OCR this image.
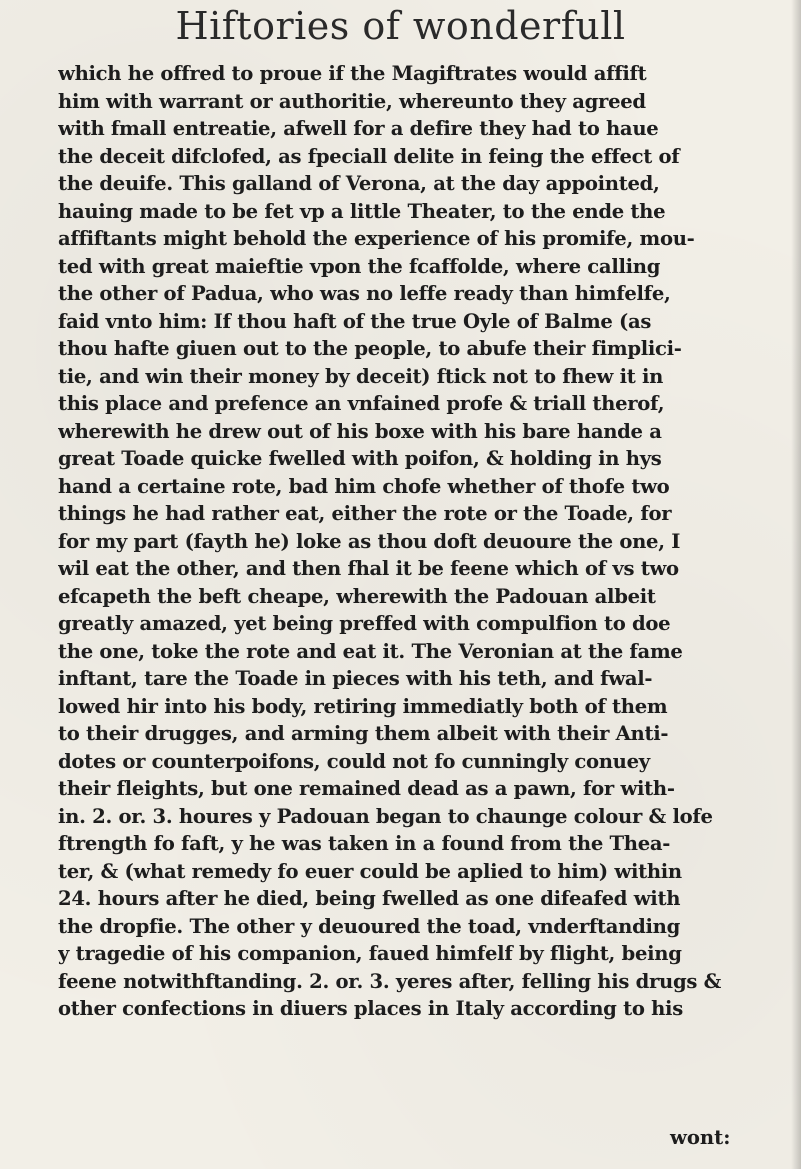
Hiftories of wonderfull
which he offred to proue if the Magiftrates would affift
him with warrant or authoritie, whereunto they agreed
with fmall entreatie, afwell for a defire they had to haue
the deceit difclofed, as fpeciall delite in feing the effect of
the deuife. This galland of Verona, at the day appointed,
hauing made to be fet vp a little Theater, to the ende the
affiftants might behold the experience of his promife, mou-
ted with great maieftie vpon the fcaffolde, where calling
the other of Padua, who was no leffe ready than himfelfe,
faid vnto him: If thou haft of the true Oyle of Balme (as
thou hafte giuen out to the people, to abufe their fimplici-
tie, and win their money by deceit) ftick not to fhew it in
this place and prefence an vnfained profe & triall therof,
wherewith he drew out of his boxe with his bare hande a
great Toade quicke fwelled with poifon, & holding in hys
hand a certaine rote, bad him chofe whether of thofe two
things he had rather eat, either the rote or the Toade, for
for my part (fayth he) loke as thou doft deuoure the one, I
wil eat the other, and then fhal it be feene which of vs two
efcapeth the beft cheape, wherewith the Padouan albeit
greatly amazed, yet being preffed with compulfion to doe
the one, toke the rote and eat it. The Veronian at the fame
inftant, tare the Toade in pieces with his teth, and fwal-
lowed hir into his body, retiring immediatly both of them
to their drugges, and arming them albeit with their Anti-
dotes or counterpoifons, could not fo cunningly conuey
their fleights, but one remained dead as a pawn, for with-
in. 2. or. 3. houres y Padouan began to chaunge colour & lofe
ftrength fo faft, y he was taken in a found from the Thea-
ter, & (what remedy fo euer could be aplied to him) within
24. hours after he died, being fwelled as one difeafed with
the dropfie. The other y deuoured the toad, vnderftanding
y tragedie of his companion, faued himfelf by flight, being
feene notwithftanding. 2. or. 3. yeres after, felling his drugs &
other confections in diuers places in Italy according to his
wont:
